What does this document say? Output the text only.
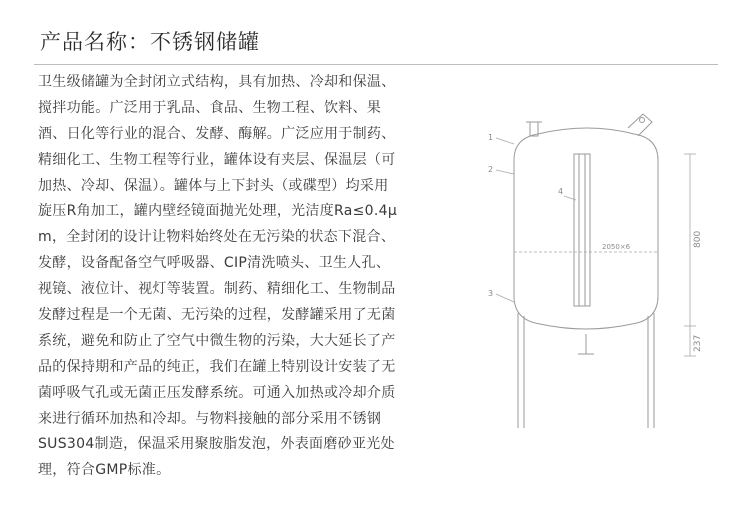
产品名称：不锈钢储罐
卫生级储罐为全封闭立式结构，具有加热、冷却和保温、
搅拌功能。广泛用于乳品、食品、生物工程、饮料、果
酒、日化等行业的混合、发酵、酶解。广泛应用于制药、
精细化工、生物工程等行业，罐体设有夹层、保温层（可
加热、冷却、保温）。罐体与上下封头（或碟型）均采用
旋压R角加工，罐内壁经镜面抛光处理，光洁度Ra≤0.4μ
m，全封闭的设计让物料始终处在无污染的状态下混合、
发酵，设备配备空气呼吸器、CIP清洗喷头、卫生人孔、
视镜、液位计、视灯等装置。制药、精细化工、生物制品
发酵过程是一个无菌、无污染的过程，发酵罐采用了无菌
系统，避免和防止了空气中微生物的污染，大大延长了产
品的保持期和产品的纯正，我们在罐上特别设计安装了无
菌呼吸气孔或无菌正压发酵系统。可通入加热或冷却介质
来进行循环加热和冷却。与物料接触的部分采用不锈钢
SUS304制造，保温采用聚胺脂发泡，外表面磨砂亚光处
理，符合GMP标准。
1
2
3
4
2050×6	800
237
